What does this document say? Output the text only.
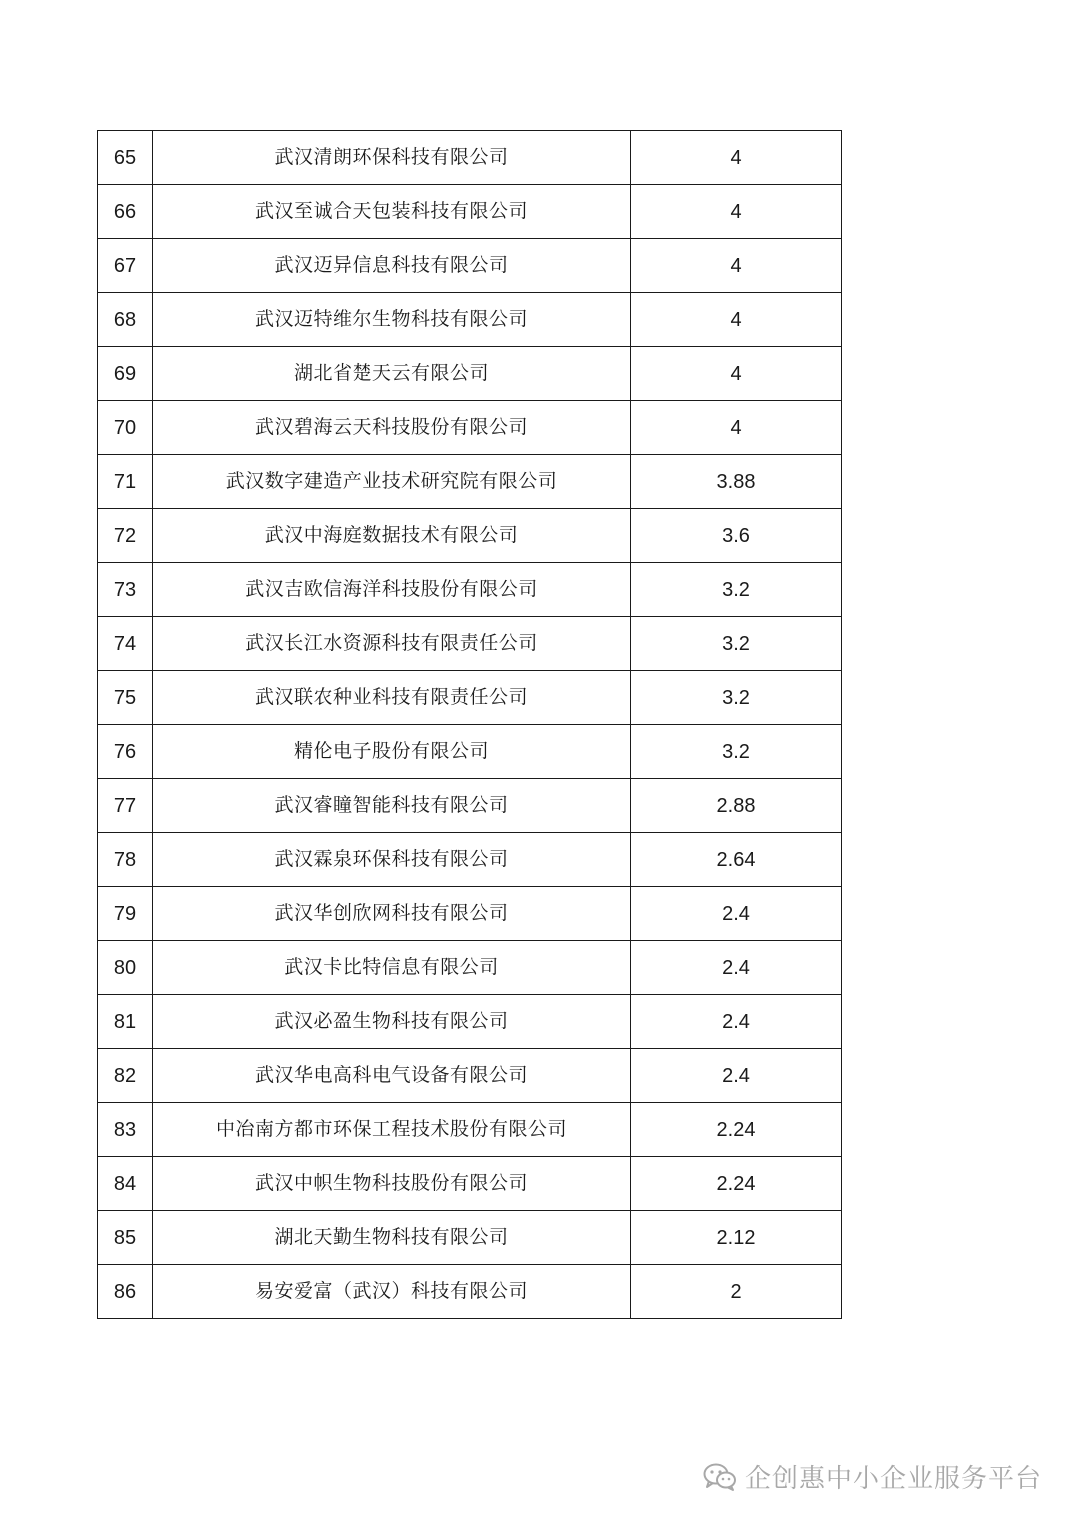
65	武汉清朗环保科技有限公司	4
66	武汉至诚合天包装科技有限公司	4
67	武汉迈异信息科技有限公司	4
68	武汉迈特维尔生物科技有限公司	4
69	湖北省楚天云有限公司	4
70	武汉碧海云天科技股份有限公司	4
71	武汉数字建造产业技术研究院有限公司	3.88
72	武汉中海庭数据技术有限公司	3.6
73	武汉吉欧信海洋科技股份有限公司	3.2
74	武汉长江水资源科技有限责任公司	3.2
75	武汉联农种业科技有限责任公司	3.2
76	精伦电子股份有限公司	3.2
77	武汉睿瞳智能科技有限公司	2.88
78	武汉霖泉环保科技有限公司	2.64
79	武汉华创欣网科技有限公司	2.4
80	武汉卡比特信息有限公司	2.4
81	武汉必盈生物科技有限公司	2.4
82	武汉华电高科电气设备有限公司	2.4
83	中冶南方都市环保工程技术股份有限公司	2.24
84	武汉中帜生物科技股份有限公司	2.24
85	湖北天勤生物科技有限公司	2.12
86	易安爱富（武汉）科技有限公司	2
企创惠中小企业服务平台
